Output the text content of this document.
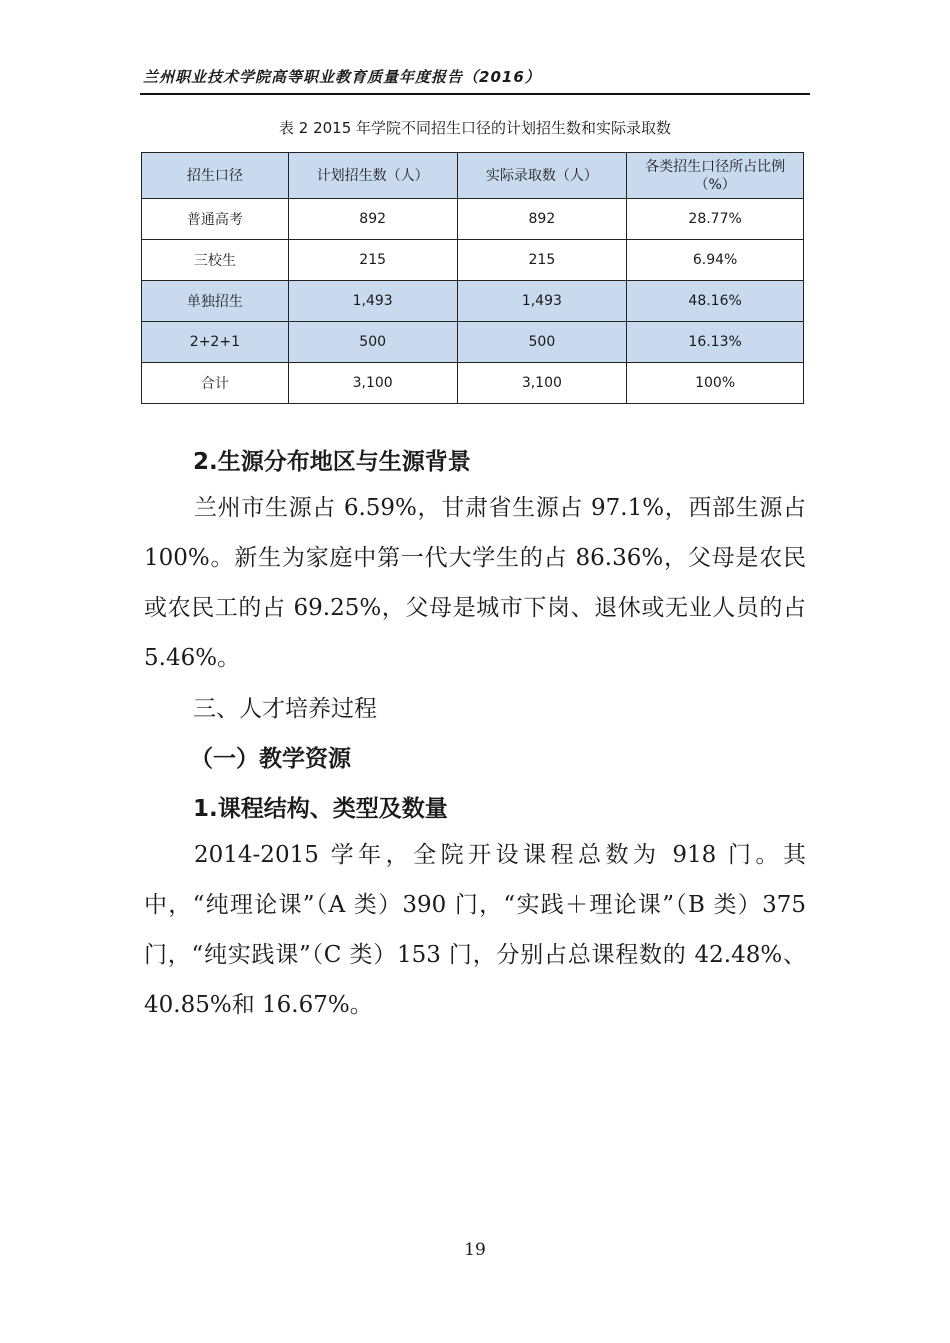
兰州职业技术学院高等职业教育质量年度报告（2016）
表 2 2015 年学院不同招生口径的计划招生数和实际录取数
招生口径	计划招生数（人）	实际录取数（人）	各类招生口径所占比例（%）
普通高考	892	892	28.77%
三校生	215	215	6.94%
单独招生	1,493	1,493	48.16%
2+2+1	500	500	16.13%
合计	3,100	3,100	100%
2.生源分布地区与生源背景
兰州市生源占 6.59%，甘肃省生源占 97.1%，西部生源占 100%。新生为家庭中第一代大学生的占 86.36%，父母是农民或农民工的占 69.25%，父母是城市下岗、退休或无业人员的占 5.46%。
三、人才培养过程
（一）教学资源
1.课程结构、类型及数量
2014-2015 学年，全院开设课程总数为 918 门。其中，“纯理论课”（A 类）390 门，“实践＋理论课”（B 类）375 门，“纯实践课”（C 类）153 门，分别占总课程数的 42.48%、40.85%和 16.67%。
19
